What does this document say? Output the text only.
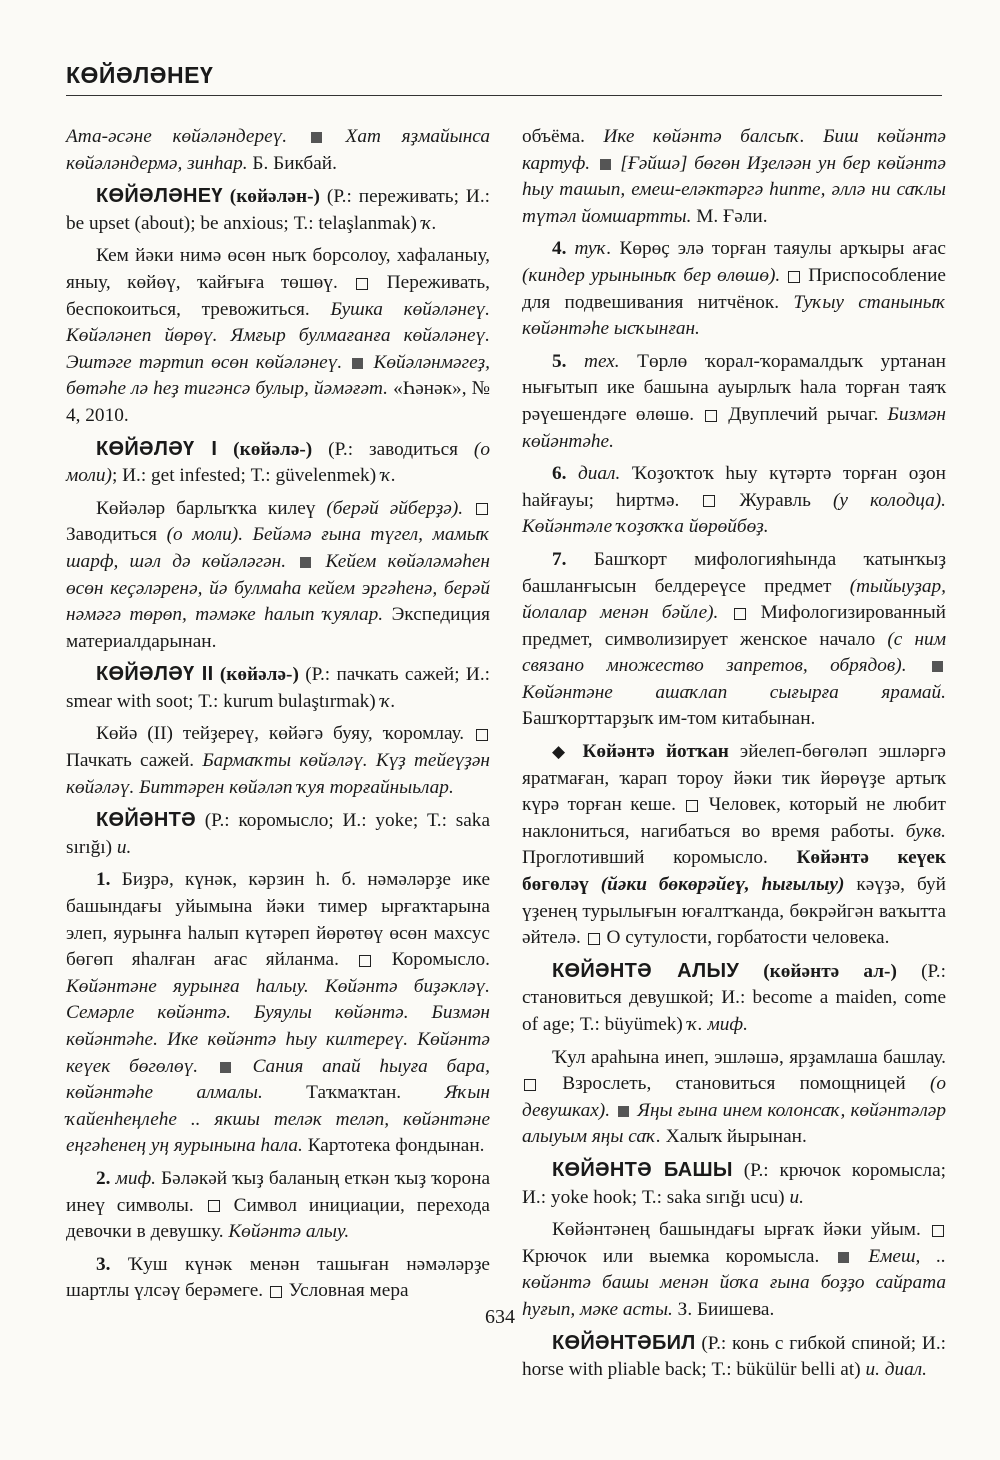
КӨЙӘЛӘНЕҮ

Ата-әсәне көйәләндереү.	Хат яҙмайынса көйәләндермә, зинһар. Б. Бикбай.

КӨЙӘЛӘНЕҮ (көйәлән-) (Р.: переживать; И.: be upset (about); be anxious; Т.: telaşlanmak) ҡ.

Кем йәки нимә өсөн ныҡ борсолоу, хафаланыу, яныу, көйөү, ҡайғыға төшөү.	Переживать, беспокоиться, тревожиться. Бушка көйәләнеү. Көйәләнеп йөрөү. Ямғыр булмағанға көйәләнеү. Эштәге тәртип өсөн көйәләнеү. Көйәләнмәгеҙ, бөтәһе лә һеҙ тигәнсә булыр, йәмәғәт. «Һәнәк», № 4, 2010.

КӨЙӘЛӘҮ I (көйәлә-) (Р.: заводиться (о моли); И.: get infested; Т.: güvelenmek) ҡ.

Көйәләр барлыҡҡа килеү (берәй әйберҙә).  Заводиться (о моли). Бейәмә ғына түгел, мамыҡ шарф, шәл дә көйәләгән. Кейем көйәләмәһен өсөн кеҫәләренә, йә булмаһа кейем эргәһенә, берәй нәмәгә төрөп, тәмәке һалып ҡуялар. Экспедиция материалдарынан.

КӨЙӘЛӘҮ II (көйәлә-) (Р.: пачкать сажей; И.: smear with soot; Т.: kurum bulaştırmak) ҡ.

Көйә (II) тейҙереү, көйәгә буяу, ҡоромлау.  Пачкать сажей. Бармаҡты көйәләү. Күҙ тейеүҙән көйәләү. Биттәрен көйәләп ҡуя торғайныьлар.

КӨЙӘНТӘ (Р.: коромысло; И.: yoke; Т.: saka sırığı) и.

1. Биҙрә, күнәк, кәрзин һ. б. нәмәләрҙе ике башындағы уйымына йәки тимер ырғаҡтарына элеп, яурынға һалып күтәреп йөрөтөү өсөн махсус бөгөп яһалған ағас яйланма.	Коромысло. Көйәнтәне яурынға һалыу. Көйәнтә биҙәкләү. Семәрле көйәнтә. Буяулы көйәнтә. Бизмән көйәнтәһе. Ике көйәнтә һыу килтереү. Көйәнтә кеүек бөгөлөү.	Сания апай һыуға бара, көйәнтәһе алмалы. Таҡмаҡтан. Яҡын ҡайенһеңлеһе .. якшы теләк теләп, көйәнтәне еңгәһенең уң яурынына һала. Картотека фондынан.

2. миф. Бәләкәй ҡыҙ баланың еткән ҡыҙ ҡорона инеү символы. Символ инициации, перехода девочки в девушку. Көйәнтә алыу.

3. Ҡуш күнәк менән ташыған нәмәләрҙе шартлы үлсәү берәмеге. Условная мера

объёма. Ике көйәнтә балсыҡ. Биш көйәнтә картуф. [Ғәйшә] бөгөн Иҙеләән ун бер көйәнтә һыу ташып, емеш-еләктәргә һипте, әллә ни саҡлы түтәл йомшартты. М. Ғәли.

4. туҡ. Көрөҫ элә торған таяулы арҡыры ағас (киндер урыныныҡ бер өлөшө). Приспособление для подвешивания нитчёнок. Туҡыу станыныҡ көйәнтәһе ысҡынған.

5. тех. Төрлө ҡорал-ҡорамалдыҡ уртанан нығытып ике башына ауырлыҡ һала торған таяҡ рәүешендәге өлөшө. Двуплечий рычаг. Бизмән көйәнтәһе.

6. диал. Ҡоҙоҡтоҡ һыу күтәртә торған оҙон һайғауы; һиртмә.	Журавль (у колодца). Көйәнтәле ҡоҙоҡҡа йөрөйбөҙ.

7. Башҡорт мифологияһында ҡатынҡыҙ башланғысын белдереүсе предмет (тыйыуҙар, йолалар менән бәйле). Мифологизированный предмет, символизирует женское начало (с ним связано множество запретов, обрядов).  Көйәнтәне ашаҡлап сығырға ярамай. Башҡорттарҙыҡ им-том китабынан.

◆ Көйәнтә йотҡан эйелеп-бөгөләп эшләргә яратмаған, ҡарап тороу йәки тик йөрөүҙе артыҡ күрә торған кеше. Человек, который не любит наклониться, нагибаться во время работы. букв. Проглотивший коромысло. Көйәнтә кеүек бөгөләү (йәки бөкөрәйеү, һығылыу) кәүҙә, буй үҙенең турылығын юғалтҡанда, бөкрәйгән ваҡытта әйтелә. О сутулости, горбатости человека.

КӨЙӘНТӘ АЛЫУ (көйәнтә ал-) (Р.: становиться девушкой; И.: become a maiden, come of age; Т.: büyümek) ҡ. миф.

Ҡул араһына инеп, эшләшә, ярҙамлаша башлау.  Взрослеть, становиться помощницей (о девушках). Яңы ғына инем колонсаҡ, көйәнтәләр алыуым яңы саҡ. Халыҡ йырынан.

КӨЙӘНТӘ БАШЫ (Р.: крючок коромысла; И.: yoke hook; Т.: saka sırığı ucu) и.

Көйәнтәнең башындағы ырғаҡ йәки уйым.  Крючок или выемка коромысла.	Емеш, .. көйәнтә башы менән йоҡа ғына боҙҙо сайрата һуғып, мәке асты. З. Биишева.

КӨЙӘНТӘБИЛ (Р.: конь с гибкой спиной; И.: horse with pliable back; Т.: bükülür belli at) и. диал.

634
